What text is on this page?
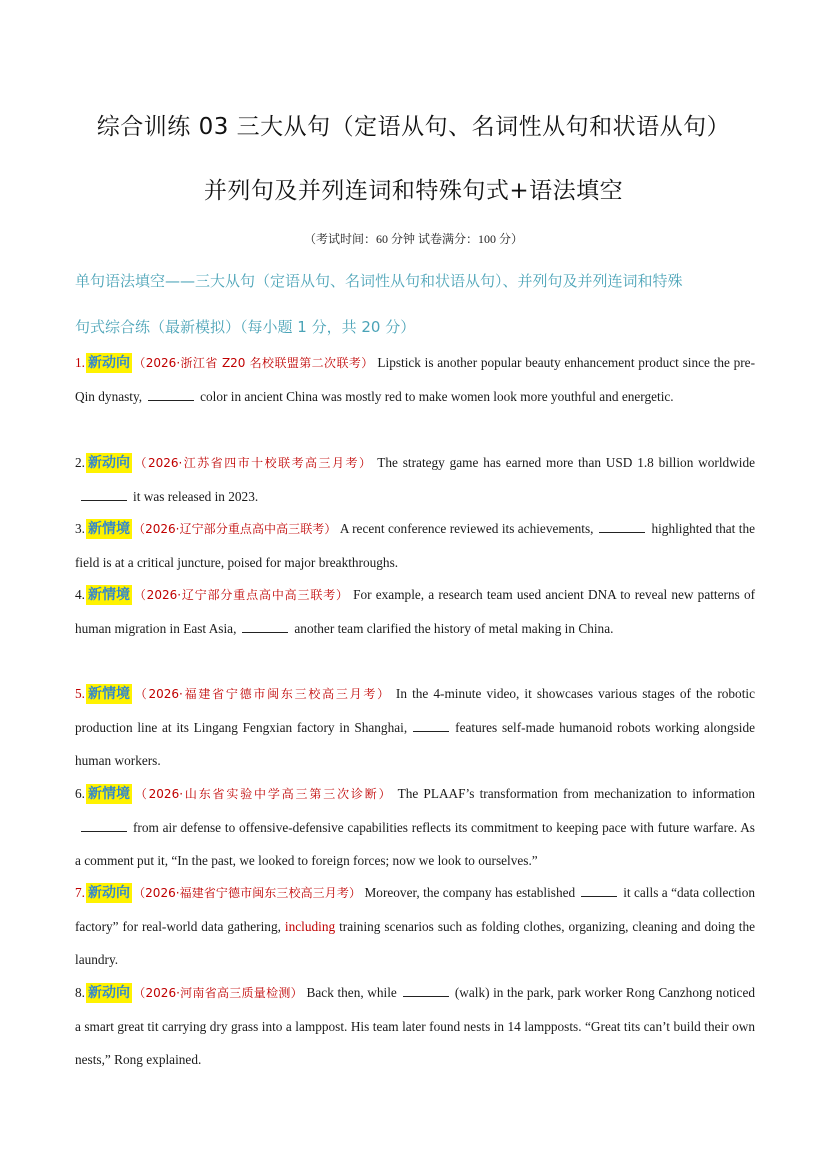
综合训练 03 三大从句（定语从句、名词性从句和状语从句）
并列句及并列连词和特殊句式+语法填空
（考试时间：60 分钟 试卷满分：100 分）
单句语法填空——三大从句（定语从句、名词性从句和状语从句）、并列句及并列连词和特殊
句式综合练（最新模拟）（每小题 1 分，共 20 分）
1. 新动向 （2026·浙江省 Z20 名校联盟第二次联考） Lipstick is another popular beauty enhancement product since the pre-Qin dynasty,	color in ancient China was mostly red to make women look more youthful and energetic.
2. 新动向 （2026·江苏省四市十校联考高三月考） The strategy game has earned more than USD 1.8 billion worldwideit was released in 2023.
3. 新情境 （2026·辽宁部分重点高中高三联考） A recent conference reviewed its achievements,	highlighted that the field is at a critical juncture, poised for major breakthroughs.
4. 新情境 （2026·辽宁部分重点高中高三联考） For example, a research team used ancient DNA to reveal new patterns of human migration in East Asia,	another team clarified the history of metal making in China.
5. 新情境 （2026·福建省宁德市闽东三校高三月考） In the 4-minute video, it showcases various stages of the robotic production line at its Lingang Fengxian factory in Shanghai,	features self-made humanoid robots working alongside human workers.
6. 新情境 （2026·山东省实验中学高三第三次诊断） The PLAAF’s transformation from mechanization to informationfrom air defense to offensive-defensive capabilities reflects its commitment to keeping pace with future warfare. As a comment put it, “In the past, we looked to foreign forces; now we look to ourselves.”
7. 新动向 （2026·福建省宁德市闽东三校高三月考） Moreover, the company has established	it calls a “data collection factory” for real-world data gathering, including training scenarios such as folding clothes, organizing, cleaning and doing the laundry.
8. 新动向 （2026·河南省高三质量检测） Back then, while	(walk) in the park, park worker Rong Canzhong noticed a smart great tit carrying dry grass into a lamppost. His team later found nests in 14 lampposts. “Great tits can’t build their own nests,” Rong explained.
